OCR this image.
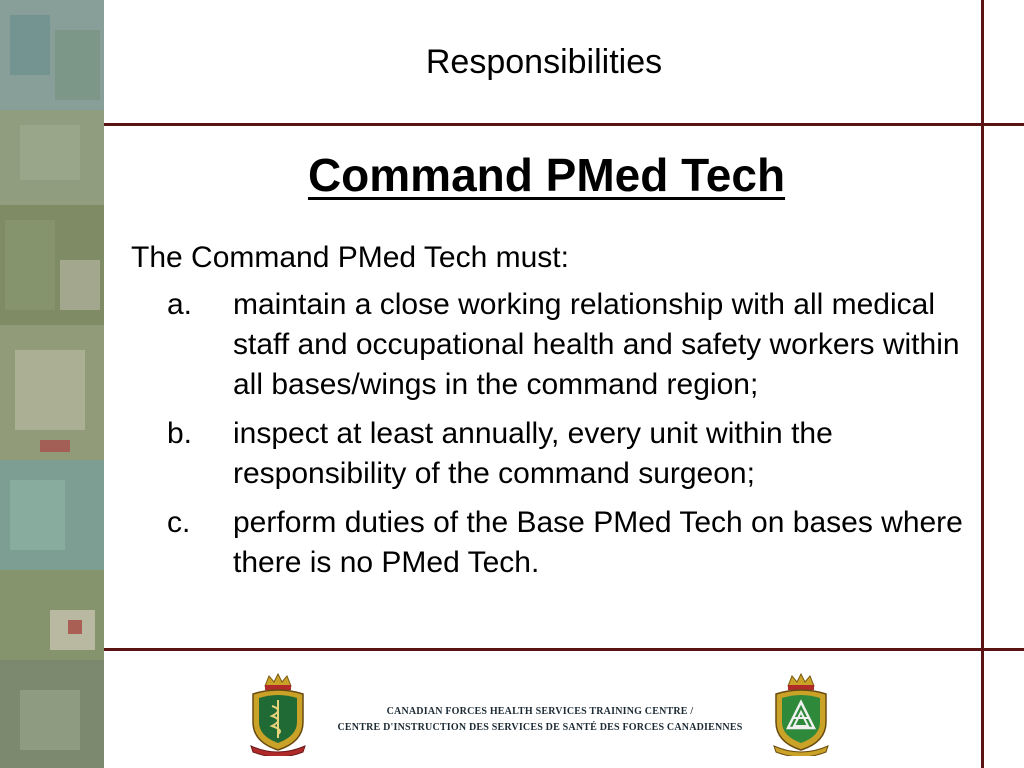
Responsibilities
Command PMed Tech
The Command PMed Tech must:
a. maintain a close working relationship with all medical staff and occupational health and safety workers within all bases/wings in the command region;
b. inspect at least annually, every unit within the responsibility of the command surgeon;
c. perform duties of the Base PMed Tech on bases where there is no PMed Tech.
CANADIAN FORCES HEALTH SERVICES TRAINING CENTRE /
CENTRE D'INSTRUCTION DES SERVICES DE SANTÉ DES FORCES CANADIENNES
